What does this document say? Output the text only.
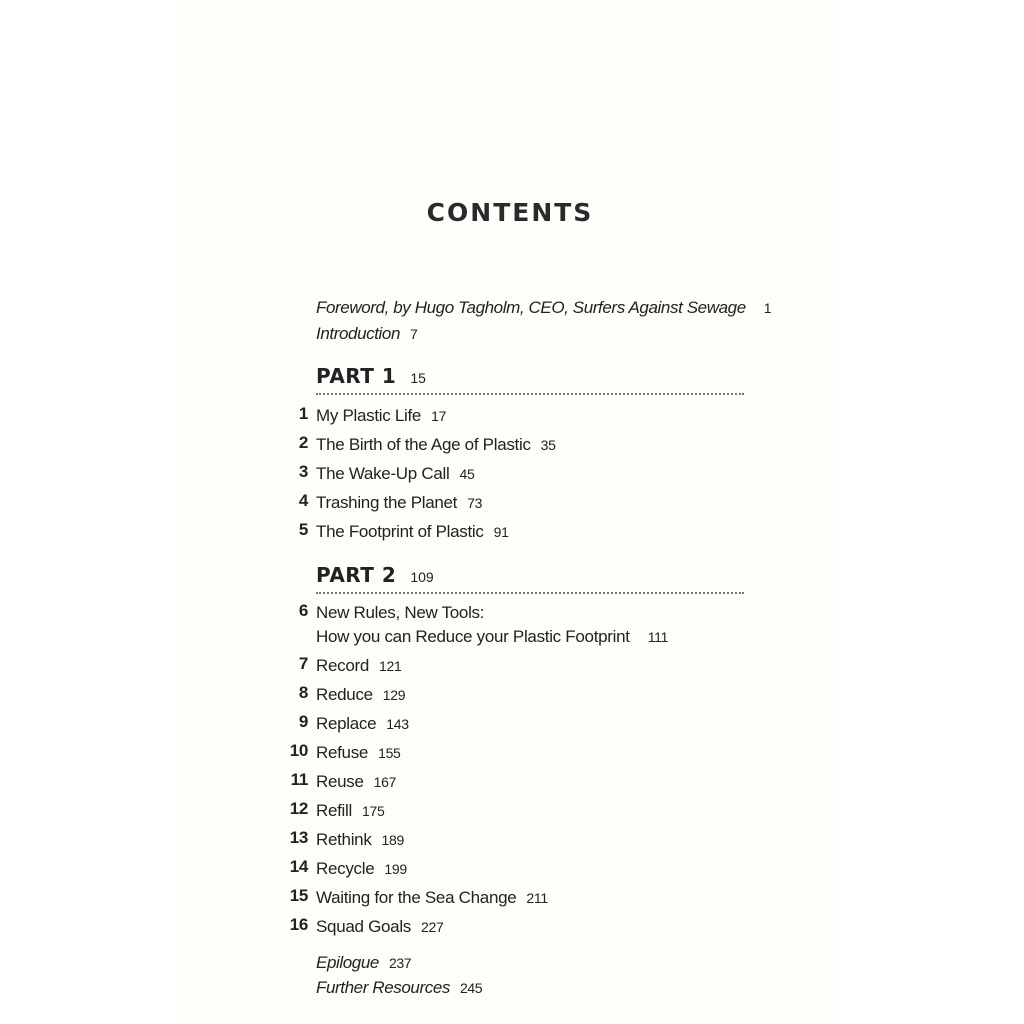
CONTENTS
Foreword, by Hugo Tagholm, CEO, Surfers Against Sewage 1
Introduction 7
PART 1 15
1 My Plastic Life 17
2 The Birth of the Age of Plastic 35
3 The Wake-Up Call 45
4 Trashing the Planet 73
5 The Footprint of Plastic 91
PART 2 109
6 New Rules, New Tools:
How you can Reduce your Plastic Footprint 111
7 Record 121
8 Reduce 129
9 Replace 143
10 Refuse 155
11 Reuse 167
12 Refill 175
13 Rethink 189
14 Recycle 199
15 Waiting for the Sea Change 211
16 Squad Goals 227
Epilogue 237
Further Resources 245
